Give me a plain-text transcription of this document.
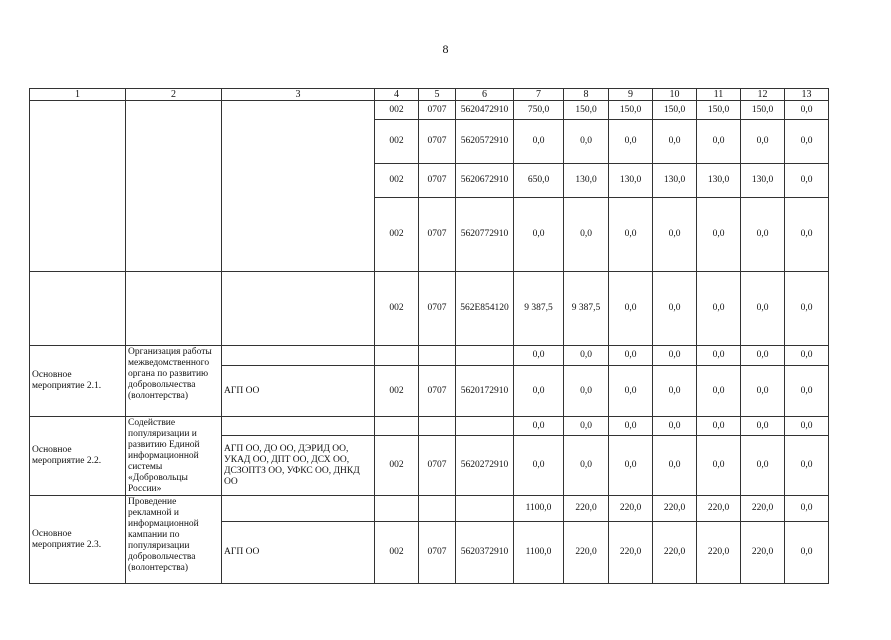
8
1	2	3	4	5	6	7	8	9	10	11	12	13
			002	0707	5620472910	750,0	150,0	150,0	150,0	150,0	150,0	0,0
			002	0707	5620572910	0,0	0,0	0,0	0,0	0,0	0,0	0,0
			002	0707	5620672910	650,0	130,0	130,0	130,0	130,0	130,0	0,0
			002	0707	5620772910	0,0	0,0	0,0	0,0	0,0	0,0	0,0
			002	0707	562E854120	9 387,5	9 387,5	0,0	0,0	0,0	0,0	0,0
Основное мероприятие 2.1.	Организация работы межведомственного органа по развитию добровольчества (волонтерства)					0,0	0,0	0,0	0,0	0,0	0,0	0,0
		АГП ОО	002	0707	5620172910	0,0	0,0	0,0	0,0	0,0	0,0	0,0
Основное мероприятие 2.2.	Содействие популяризации и развитию Единой информационной системы «Добровольцы России»					0,0	0,0	0,0	0,0	0,0	0,0	0,0
		АГП ОО, ДО ОО, ДЭРИД ОО, УКАД ОО, ДПТ ОО, ДСХ ОО, ДСЗОПТЗ ОО, УФКС ОО, ДНКД ОО	002	0707	5620272910	0,0	0,0	0,0	0,0	0,0	0,0	0,0
Основное мероприятие 2.3.	Проведение рекламной и информационной кампании по популяризации добровольчества (волонтерства)					1100,0	220,0	220,0	220,0	220,0	220,0	0,0
		АГП ОО	002	0707	5620372910	1100,0	220,0	220,0	220,0	220,0	220,0	0,0
